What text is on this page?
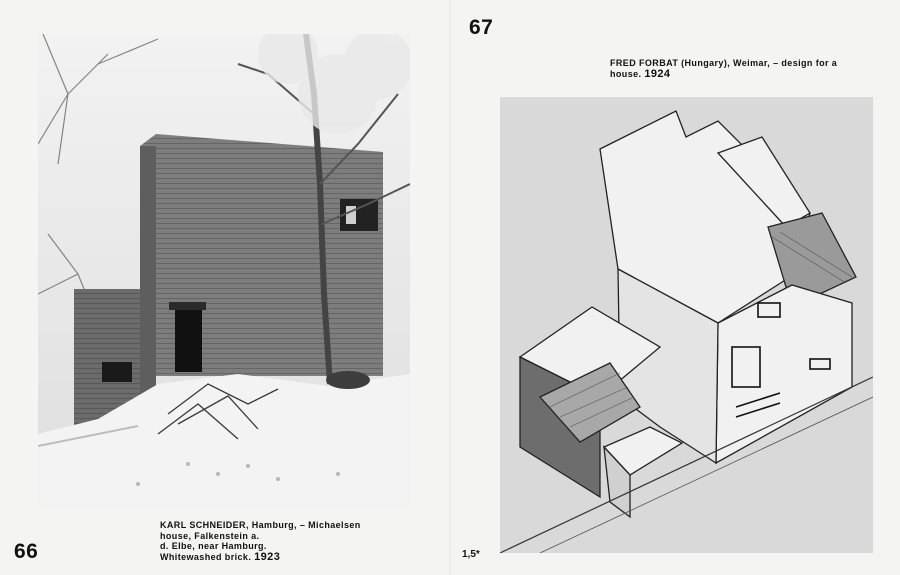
66
67
KARL SCHNEIDER, Hamburg, – Michaelsen
house, Falkenstein a.
d. Elbe, near Hamburg.
Whitewashed brick. 1923
FRED FORBAT (Hungary), Weimar, – design for a
house. 1924
1,5*
